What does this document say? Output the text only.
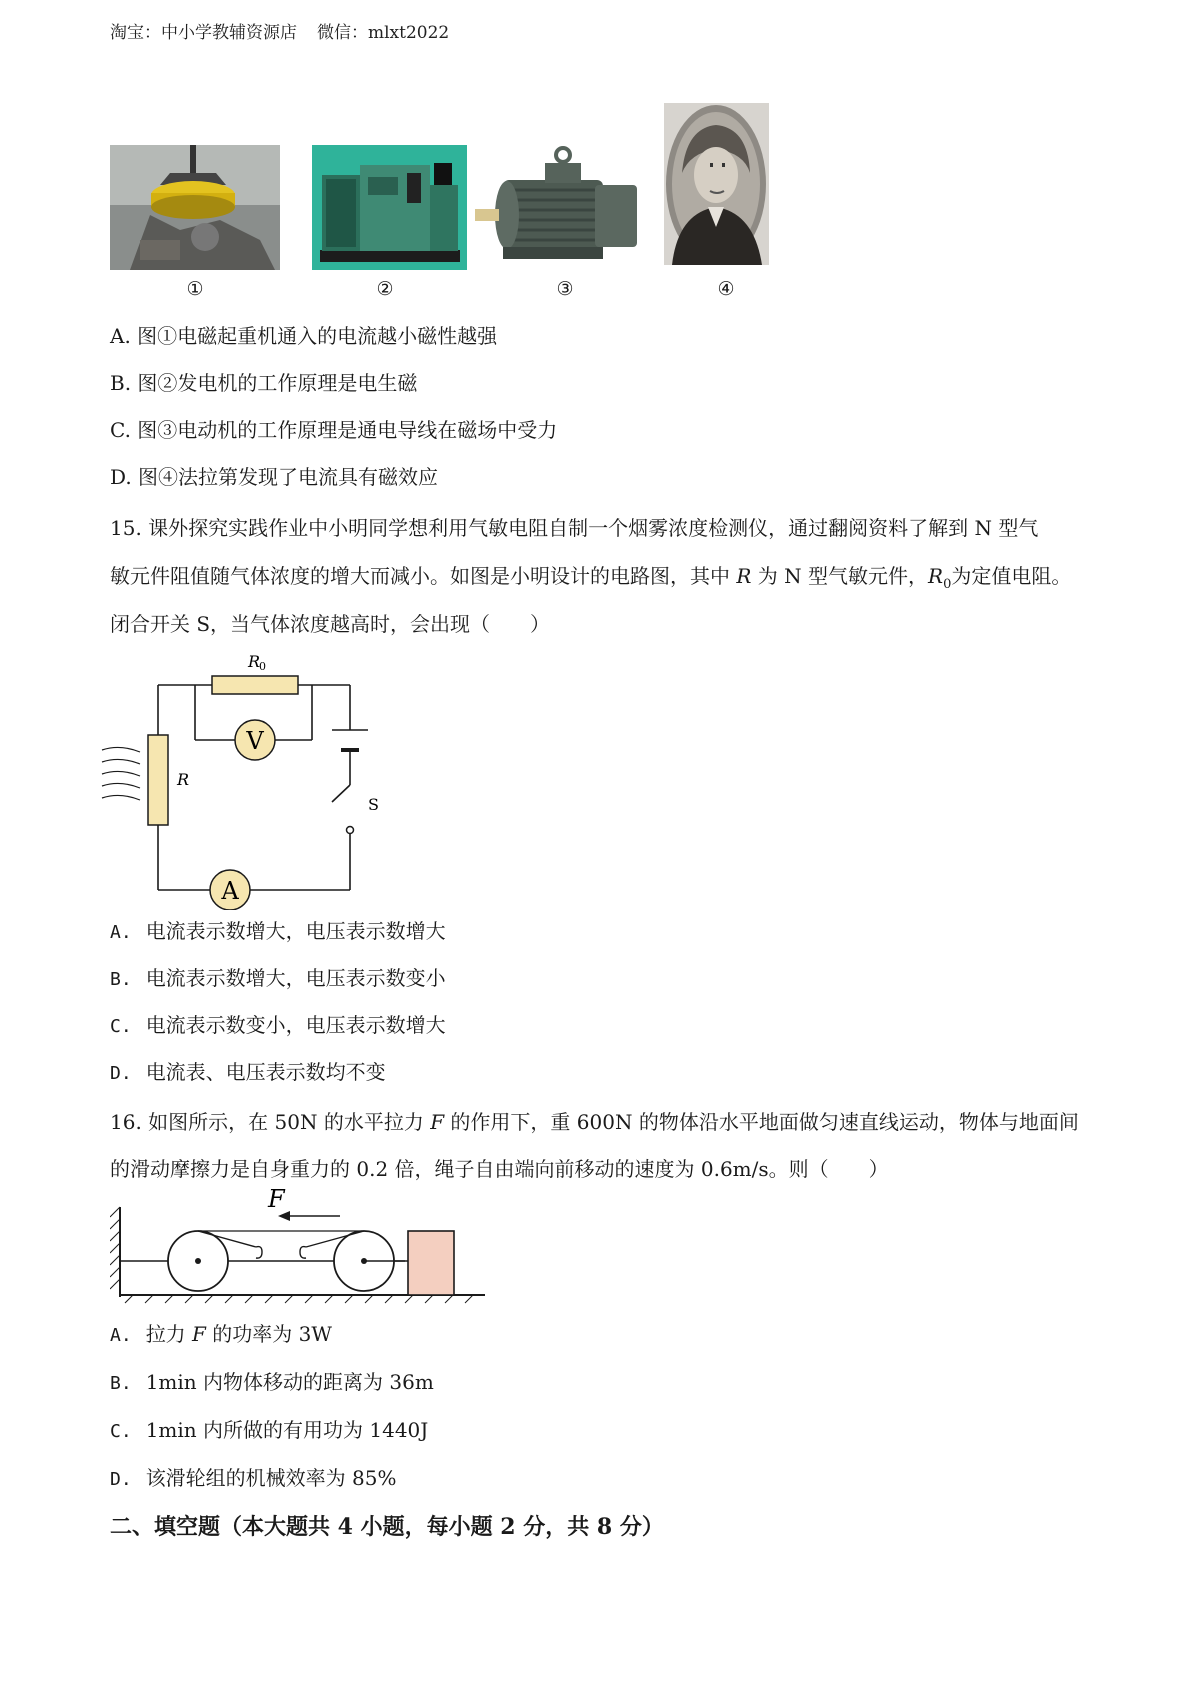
淘宝：中小学教辅资源店 微信：mlxt2022
①	②	③	④
A. 图①电磁起重机通入的电流越小磁性越强
B. 图②发电机的工作原理是电生磁
C. 图③电动机的工作原理是通电导线在磁场中受力
D. 图④法拉第发现了电流具有磁效应
15. 课外探究实践作业中小明同学想利用气敏电阻自制一个烟雾浓度检测仪，通过翻阅资料了解到 N 型气
敏元件阻值随气体浓度的增大而减小。如图是小明设计的电路图，其中 R 为 N 型气敏元件，$R_0$为定值电阻。
闭合开关 S，当气体浓度越高时，会出现（　　）
V
A
R
0
R
S
A. 电流表示数增大，电压表示数增大
B. 电流表示数增大，电压表示数变小
C. 电流表示数变小，电压表示数增大
D. 电流表、电压表示数均不变
16. 如图所示，在 50N 的水平拉力 F 的作用下，重 600N 的物体沿水平地面做匀速直线运动，物体与地面间
的滑动摩擦力是自身重力的 0.2 倍，绳子自由端向前移动的速度为 0.6m/s。则（　　）
F
A. 拉力 F 的功率为 3W
B. 1min 内物体移动的距离为 36m
C. 1min 内所做的有用功为 1440J
D. 该滑轮组的机械效率为 85%
二、填空题（本大题共 4 小题，每小题 2 分，共 8 分）
